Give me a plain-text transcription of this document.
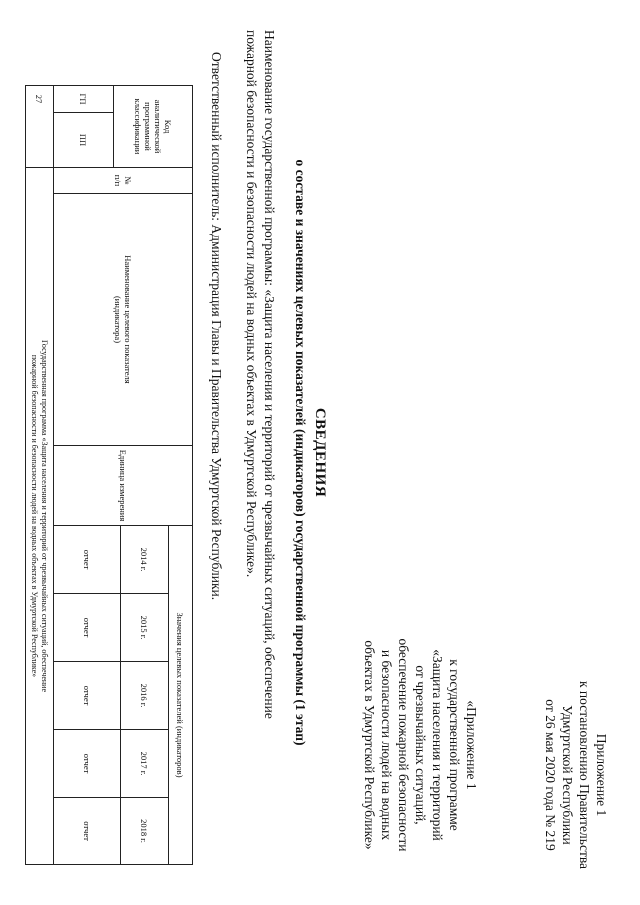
Приложение 1
к постановлению Правительства
Удмуртской Республики
от 26 мая 2020 года № 219
«Приложение 1
к государственной программе
«Защита населения и территорий
от чрезвычайных ситуаций,
обеспечение пожарной безопасности
и безопасности людей на водных
объектах в Удмуртской Республике»
СВЕДЕНИЯ
о составе и значениях целевых показателей (индикаторов) государственной программы (1 этап)
Наименование государственной программы: «Защита населения и территорий от чрезвычайных ситуаций, обеспечение
пожарной безопасности и безопасности людей на водных объектах в Удмуртской Республике».
Ответственный исполнитель: Администрация Главы и Правительства Удмуртской Республики.
Код
аналитической
программной
классификации
ГП
ПП
№
п/п
Наименование целевого показателя
(индикатора)
Единица измерения
Значения целевых показателей (индикаторов)
2014 г.
2015 г.
2016 г.
2017 г.
2018 г.
отчет
отчет
отчет
отчет
отчет
27
Государственная программа «Защита населения и территорий от чрезвычайных ситуаций, обеспечение
пожарной безопасности и безопасности людей на водных объектах в Удмуртской Республике»
